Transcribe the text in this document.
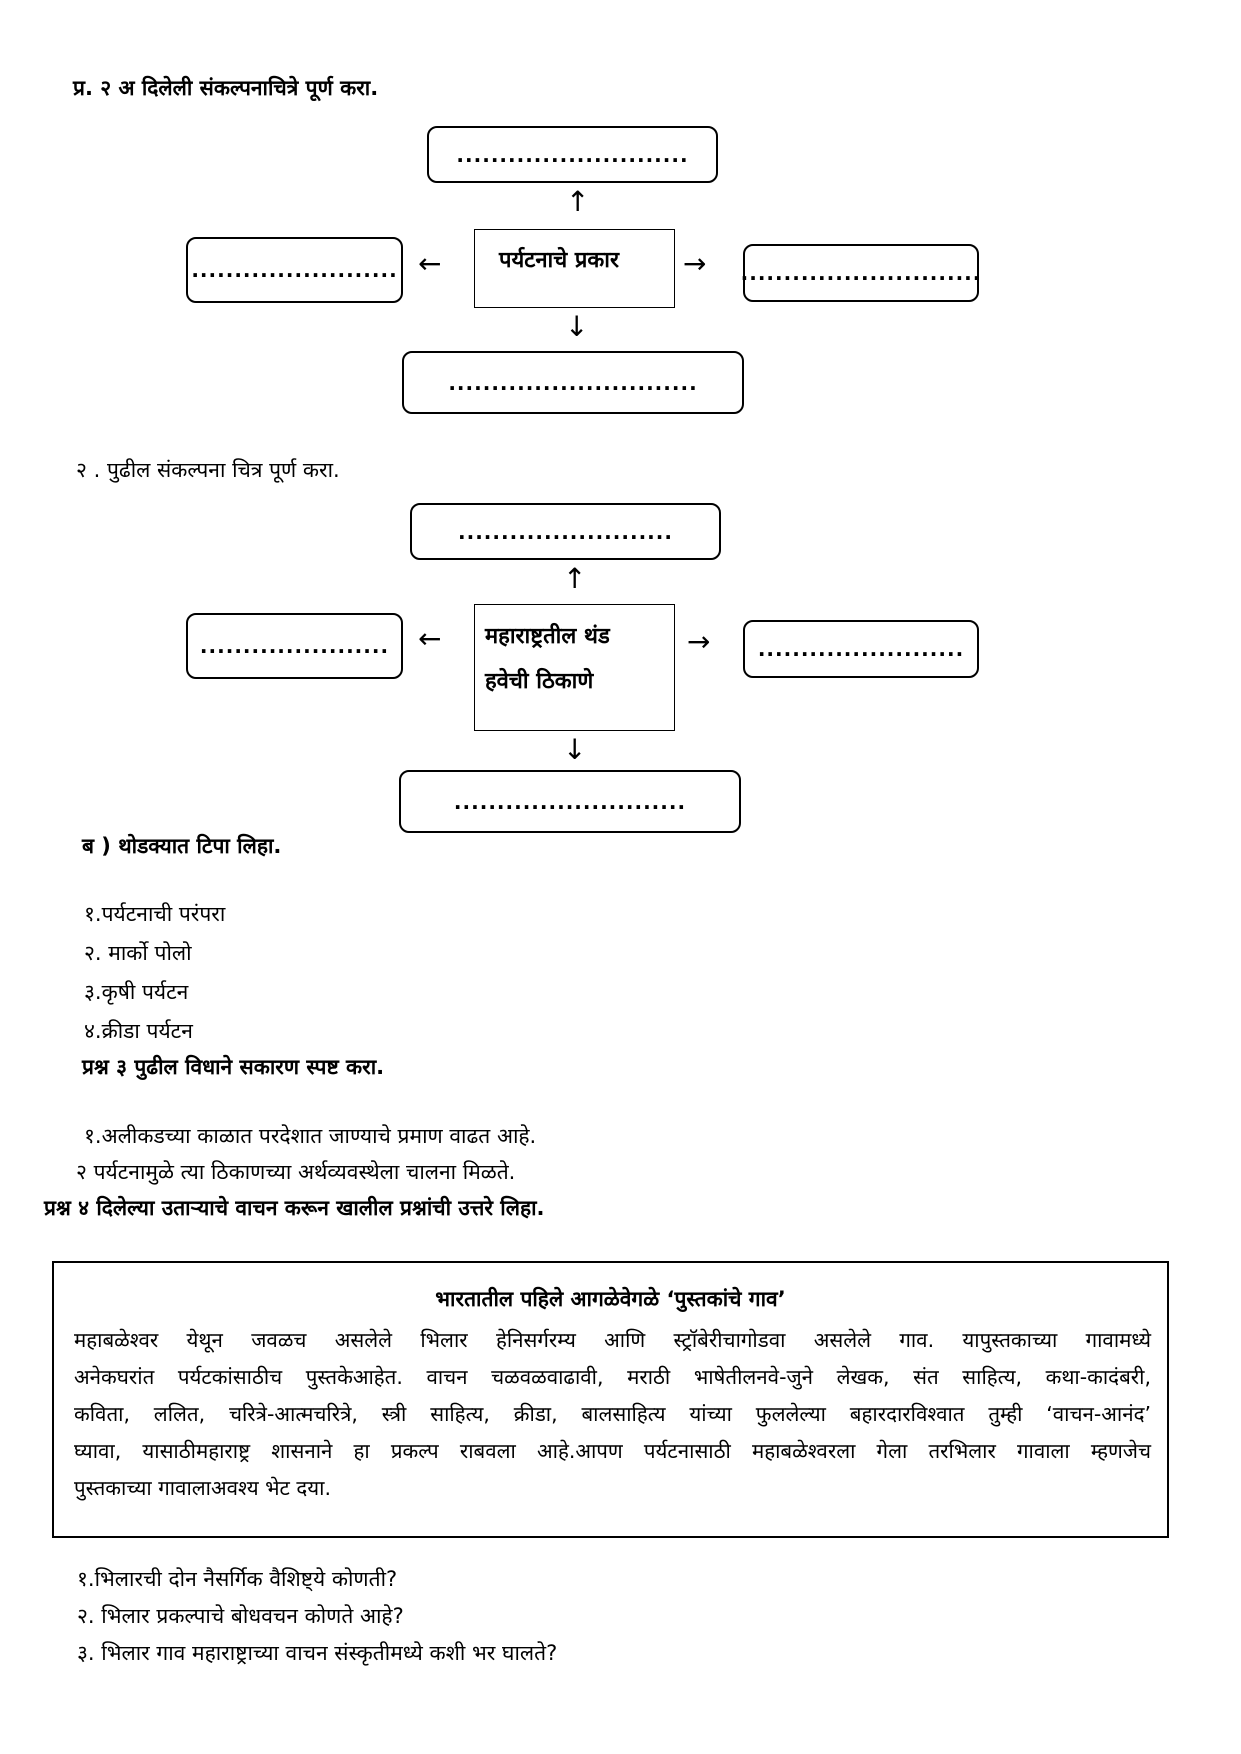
प्र. २ अ दिलेली संकल्पनाचित्रे पूर्ण करा.
...........................
↑
........................ ←	पर्यटनाचे प्रकार → ............................
↓
.............................
२ . पुढील संकल्पना चित्र पूर्ण करा.
.........................
↑
......................	← महाराष्ट्रतील थंड
हवेची ठिकाणे
→	........................
↓
...........................
ब ) थोडक्यात टिपा लिहा.
१.पर्यटनाची परंपरा
२. मार्को पोलो
३.कृषी पर्यटन
४.क्रीडा पर्यटन
प्रश्न ३ पुढील विधाने सकारण स्पष्ट करा.
१.अलीकडच्या काळात परदेशात जाण्याचे प्रमाण वाढत आहे.
२ पर्यटनामुळे त्या ठिकाणच्या अर्थव्यवस्थेला चालना मिळते.
प्रश्न ४ दिलेल्या उताऱ्याचे वाचन करून खालील प्रश्नांची उत्तरे लिहा.
भारतातील पहिले आगळेवेगळे ‘पुस्तकांचे गाव’
महाबळेश्वर येथून जवळच असलेले भिलार हेनिसर्गरम्य आणि स्ट्रॉबेरीचागोडवा असलेले गाव. यापुस्तकाच्या गावामध्ये
अनेकघरांत पर्यटकांसाठीच पुस्तकेआहेत. वाचन चळवळवाढावी, मराठी भाषेतीलनवे-जुने लेखक, संत साहित्य, कथा-कादंबरी,
कविता, ललित, चरित्रे-आत्मचरित्रे, स्त्री साहित्य, क्रीडा, बालसाहित्य यांच्या फुललेल्या बहारदारविश्वात तुम्ही ‘वाचन-आनंद’
घ्यावा, यासाठीमहाराष्ट्र शासनाने हा प्रकल्प राबवला आहे.आपण पर्यटनासाठी महाबळेश्वरला गेला तरभिलार गावाला म्हणजेच
पुस्तकाच्या गावालाअवश्य भेट दया.
१.भिलारची दोन नैसर्गिक वैशिष्ट्ये कोणती?
२. भिलार प्रकल्पाचे बोधवचन कोणते आहे?
३. भिलार गाव महाराष्ट्राच्या वाचन संस्कृतीमध्ये कशी भर घालते?
